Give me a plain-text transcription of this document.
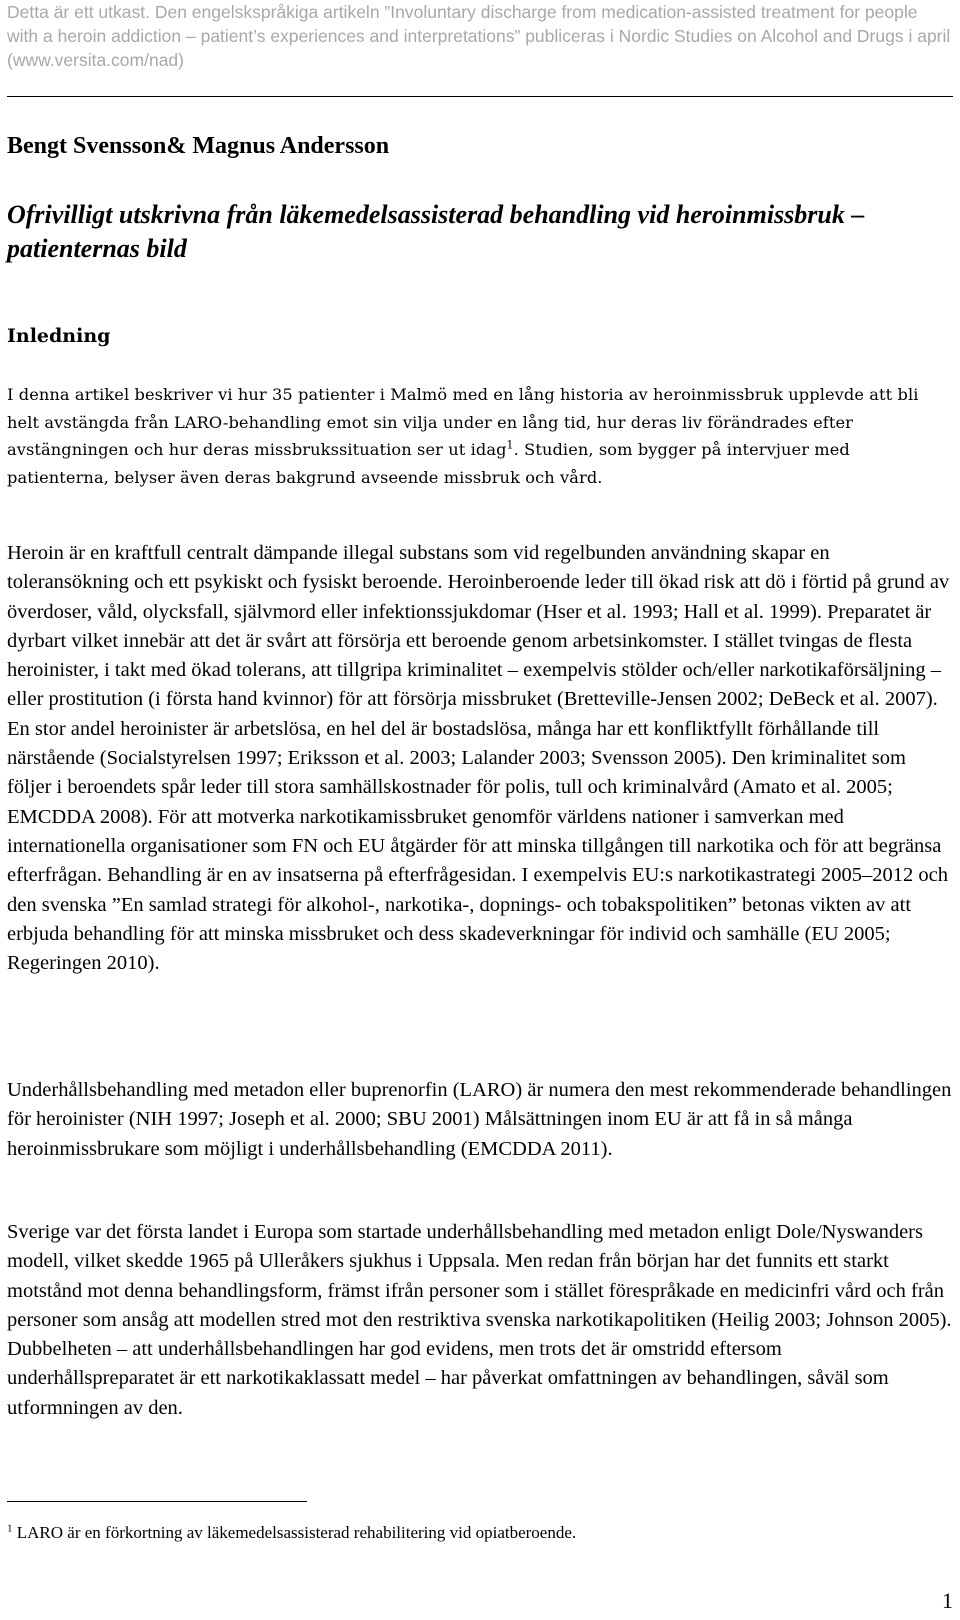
Detta är ett utkast. Den engelskspråkiga artikeln ”Involuntary discharge from medication-assisted treatment for people with a heroin addiction – patient’s experiences and interpretations” publiceras i Nordic Studies on Alcohol and Drugs i april (www.versita.com/nad)
Bengt Svensson& Magnus Andersson
Ofrivilligt utskrivna från läkemedelsassisterad behandling vid heroinmissbruk – patienternas bild
Inledning
I denna artikel beskriver vi hur 35 patienter i Malmö med en lång historia av heroinmissbruk upplevde att bli helt avstängda från LARO-behandling emot sin vilja under en lång tid, hur deras liv förändrades efter avstängningen och hur deras missbrukssituation ser ut idag$^1$. Studien, som bygger på intervjuer med patienterna, belyser även deras bakgrund avseende missbruk och vård.
Heroin är en kraftfull centralt dämpande illegal substans som vid regelbunden användning skapar en toleransökning och ett psykiskt och fysiskt beroende. Heroinberoende leder till ökad risk att dö i förtid på grund av överdoser, våld, olycksfall, självmord eller infektionssjukdomar (Hser et al. 1993; Hall et al. 1999). Preparatet är dyrbart vilket innebär att det är svårt att försörja ett beroende genom arbetsinkomster. I stället tvingas de flesta heroinister, i takt med ökad tolerans, att tillgripa kriminalitet – exempelvis stölder och/eller narkotikaförsäljning – eller prostitution (i första hand kvinnor) för att försörja missbruket (Bretteville-Jensen 2002; DeBeck et al. 2007). En stor andel heroinister är arbetslösa, en hel del är bostadslösa, många har ett konfliktfyllt förhållande till närstående (Socialstyrelsen 1997; Eriksson et al. 2003; Lalander 2003; Svensson 2005). Den kriminalitet som följer i beroendets spår leder till stora samhällskostnader för polis, tull och kriminalvård (Amato et al. 2005; EMCDDA 2008). För att motverka narkotikamissbruket genomför världens nationer i samverkan med internationella organisationer som FN och EU åtgärder för att minska tillgången till narkotika och för att begränsa efterfrågan. Behandling är en av insatserna på efterfrågesidan. I exempelvis EU:s narkotikastrategi 2005–2012 och den svenska ”En samlad strategi för alkohol-, narkotika-, dopnings- och tobakspolitiken” betonas vikten av att erbjuda behandling för att minska missbruket och dess skadeverkningar för individ och samhälle (EU 2005; Regeringen 2010).
Underhållsbehandling med metadon eller buprenorfin (LARO) är numera den mest rekommenderade behandlingen för heroinister (NIH 1997; Joseph et al. 2000; SBU 2001) Målsättningen inom EU är att få in så många heroinmissbrukare som möjligt i underhållsbehandling (EMCDDA 2011).
Sverige var det första landet i Europa som startade underhållsbehandling med metadon enligt Dole/Nyswanders modell, vilket skedde 1965 på Ulleråkers sjukhus i Uppsala. Men redan från början har det funnits ett starkt motstånd mot denna behandlingsform, främst ifrån personer som i stället förespråkade en medicinfri vård och från personer som ansåg att modellen stred mot den restriktiva svenska narkotikapolitiken (Heilig 2003; Johnson 2005). Dubbelheten – att underhållsbehandlingen har god evidens, men trots det är omstridd eftersom underhållspreparatet är ett narkotikaklassatt medel – har påverkat omfattningen av behandlingen, såväl som utformningen av den.
$^1$ LARO är en förkortning av läkemedelsassisterad rehabilitering vid opiatberoende.
1
